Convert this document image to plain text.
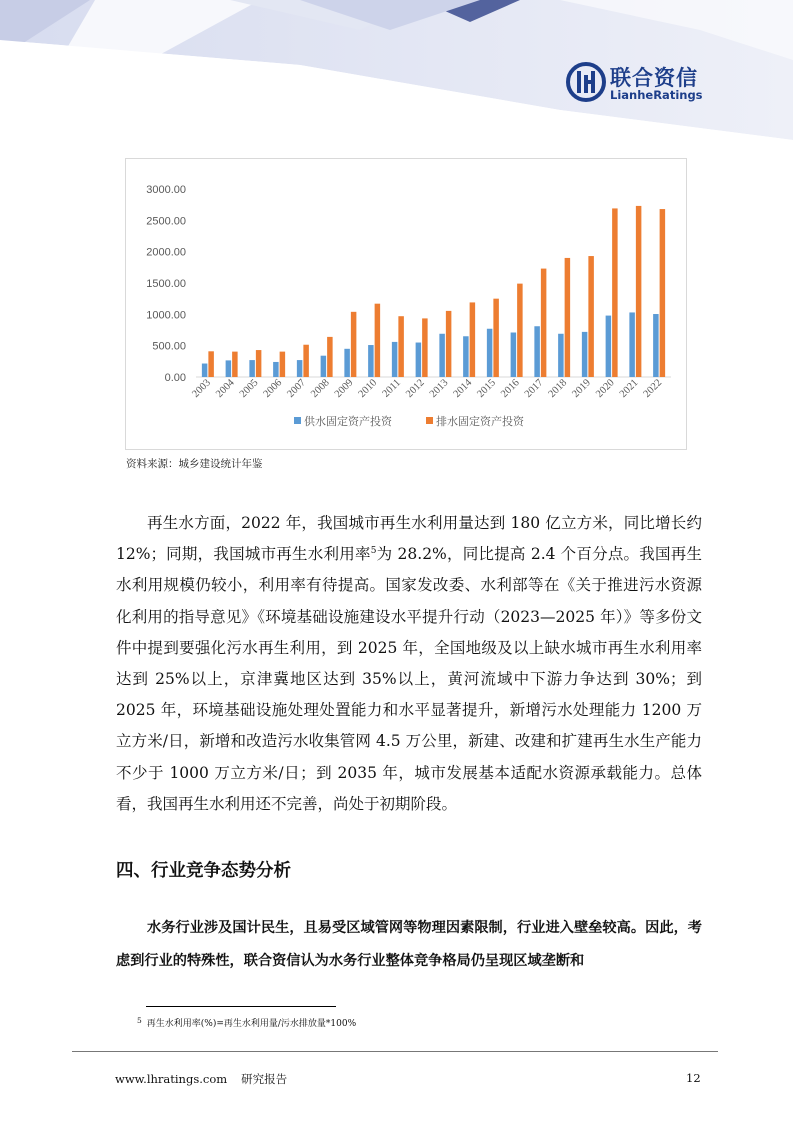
联合资信
LianheRatings
0.00
500.00
1000.00
1500.00
2000.00
2500.00
3000.00
2003 2004 2005 2006 2007 2008 2009 2010 2011 2012 2013 2014 2015 2016 2017 2018 2019 2020 2021 2022
供水固定资产投资	排水固定资产投资
资料来源：城乡建设统计年鉴

再生水方面，2022 年，我国城市再生水利用量达到 180 亿立方米，同比增长约 12%；同期，我国城市再生水利用率$^5$为 28.2%，同比提高 2.4 个百分点。我国再生水利用规模仍较小，利用率有待提高。国家发改委、水利部等在《关于推进污水资源化利用的指导意见》《环境基础设施建设水平提升行动（2023—2025 年）》等多份文件中提到要强化污水再生利用，到 2025 年，全国地级及以上缺水城市再生水利用率达到 25%以上，京津冀地区达到 35%以上，黄河流域中下游力争达到 30%；到 2025 年，环境基础设施处理处置能力和水平显著提升，新增污水处理能力 1200 万立方米/日，新增和改造污水收集管网 4.5 万公里，新建、改建和扩建再生水生产能力不少于 1000 万立方米/日；到 2035 年，城市发展基本适配水资源承载能力。总体看，我国再生水利用还不完善，尚处于初期阶段。

四、行业竞争态势分析

水务行业涉及国计民生，且易受区域管网等物理因素限制，行业进入壁垒较高。因此，考虑到行业的特殊性，联合资信认为水务行业整体竞争格局仍呈现区域垄断和

$^5$ 再生水利用率(%)=再生水利用量/污水排放量*100%
www.lhratings.com 研究报告	12
